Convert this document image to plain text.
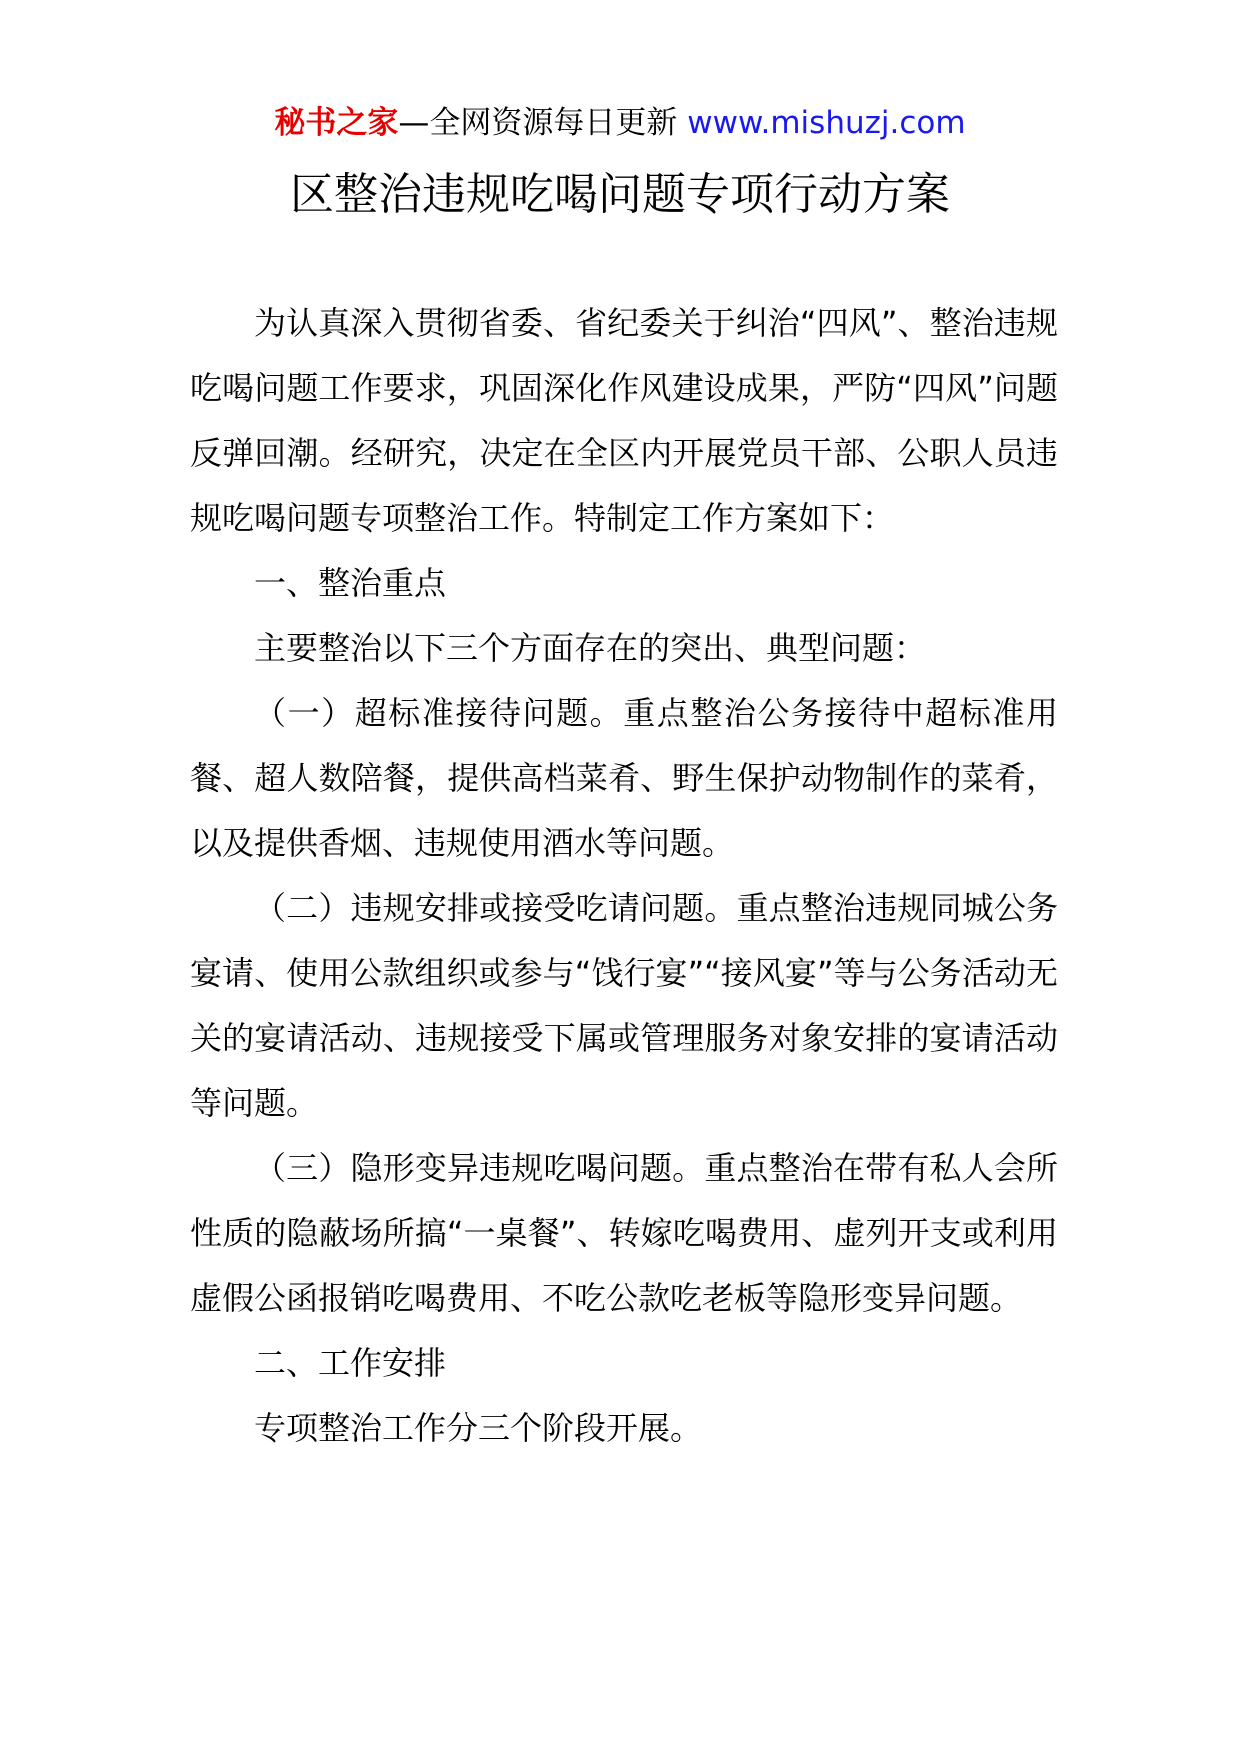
秘书之家—全网资源每日更新 www.mishuzj.com
区整治违规吃喝问题专项行动方案

为认真深入贯彻省委、省纪委关于纠治“四风”、整治违规吃喝问题工作要求，巩固深化作风建设成果，严防“四风”问题反弹回潮。经研究，决定在全区内开展党员干部、公职人员违规吃喝问题专项整治工作。特制定工作方案如下：

一、整治重点

主要整治以下三个方面存在的突出、典型问题：

（一）超标准接待问题。重点整治公务接待中超标准用餐、超人数陪餐，提供高档菜肴、野生保护动物制作的菜肴，以及提供香烟、违规使用酒水等问题。

（二）违规安排或接受吃请问题。重点整治违规同城公务宴请、使用公款组织或参与“饯行宴”“接风宴”等与公务活动无关的宴请活动、违规接受下属或管理服务对象安排的宴请活动等问题。

（三）隐形变异违规吃喝问题。重点整治在带有私人会所性质的隐蔽场所搞“一桌餐”、转嫁吃喝费用、虚列开支或利用虚假公函报销吃喝费用、不吃公款吃老板等隐形变异问题。

二、工作安排

专项整治工作分三个阶段开展。
